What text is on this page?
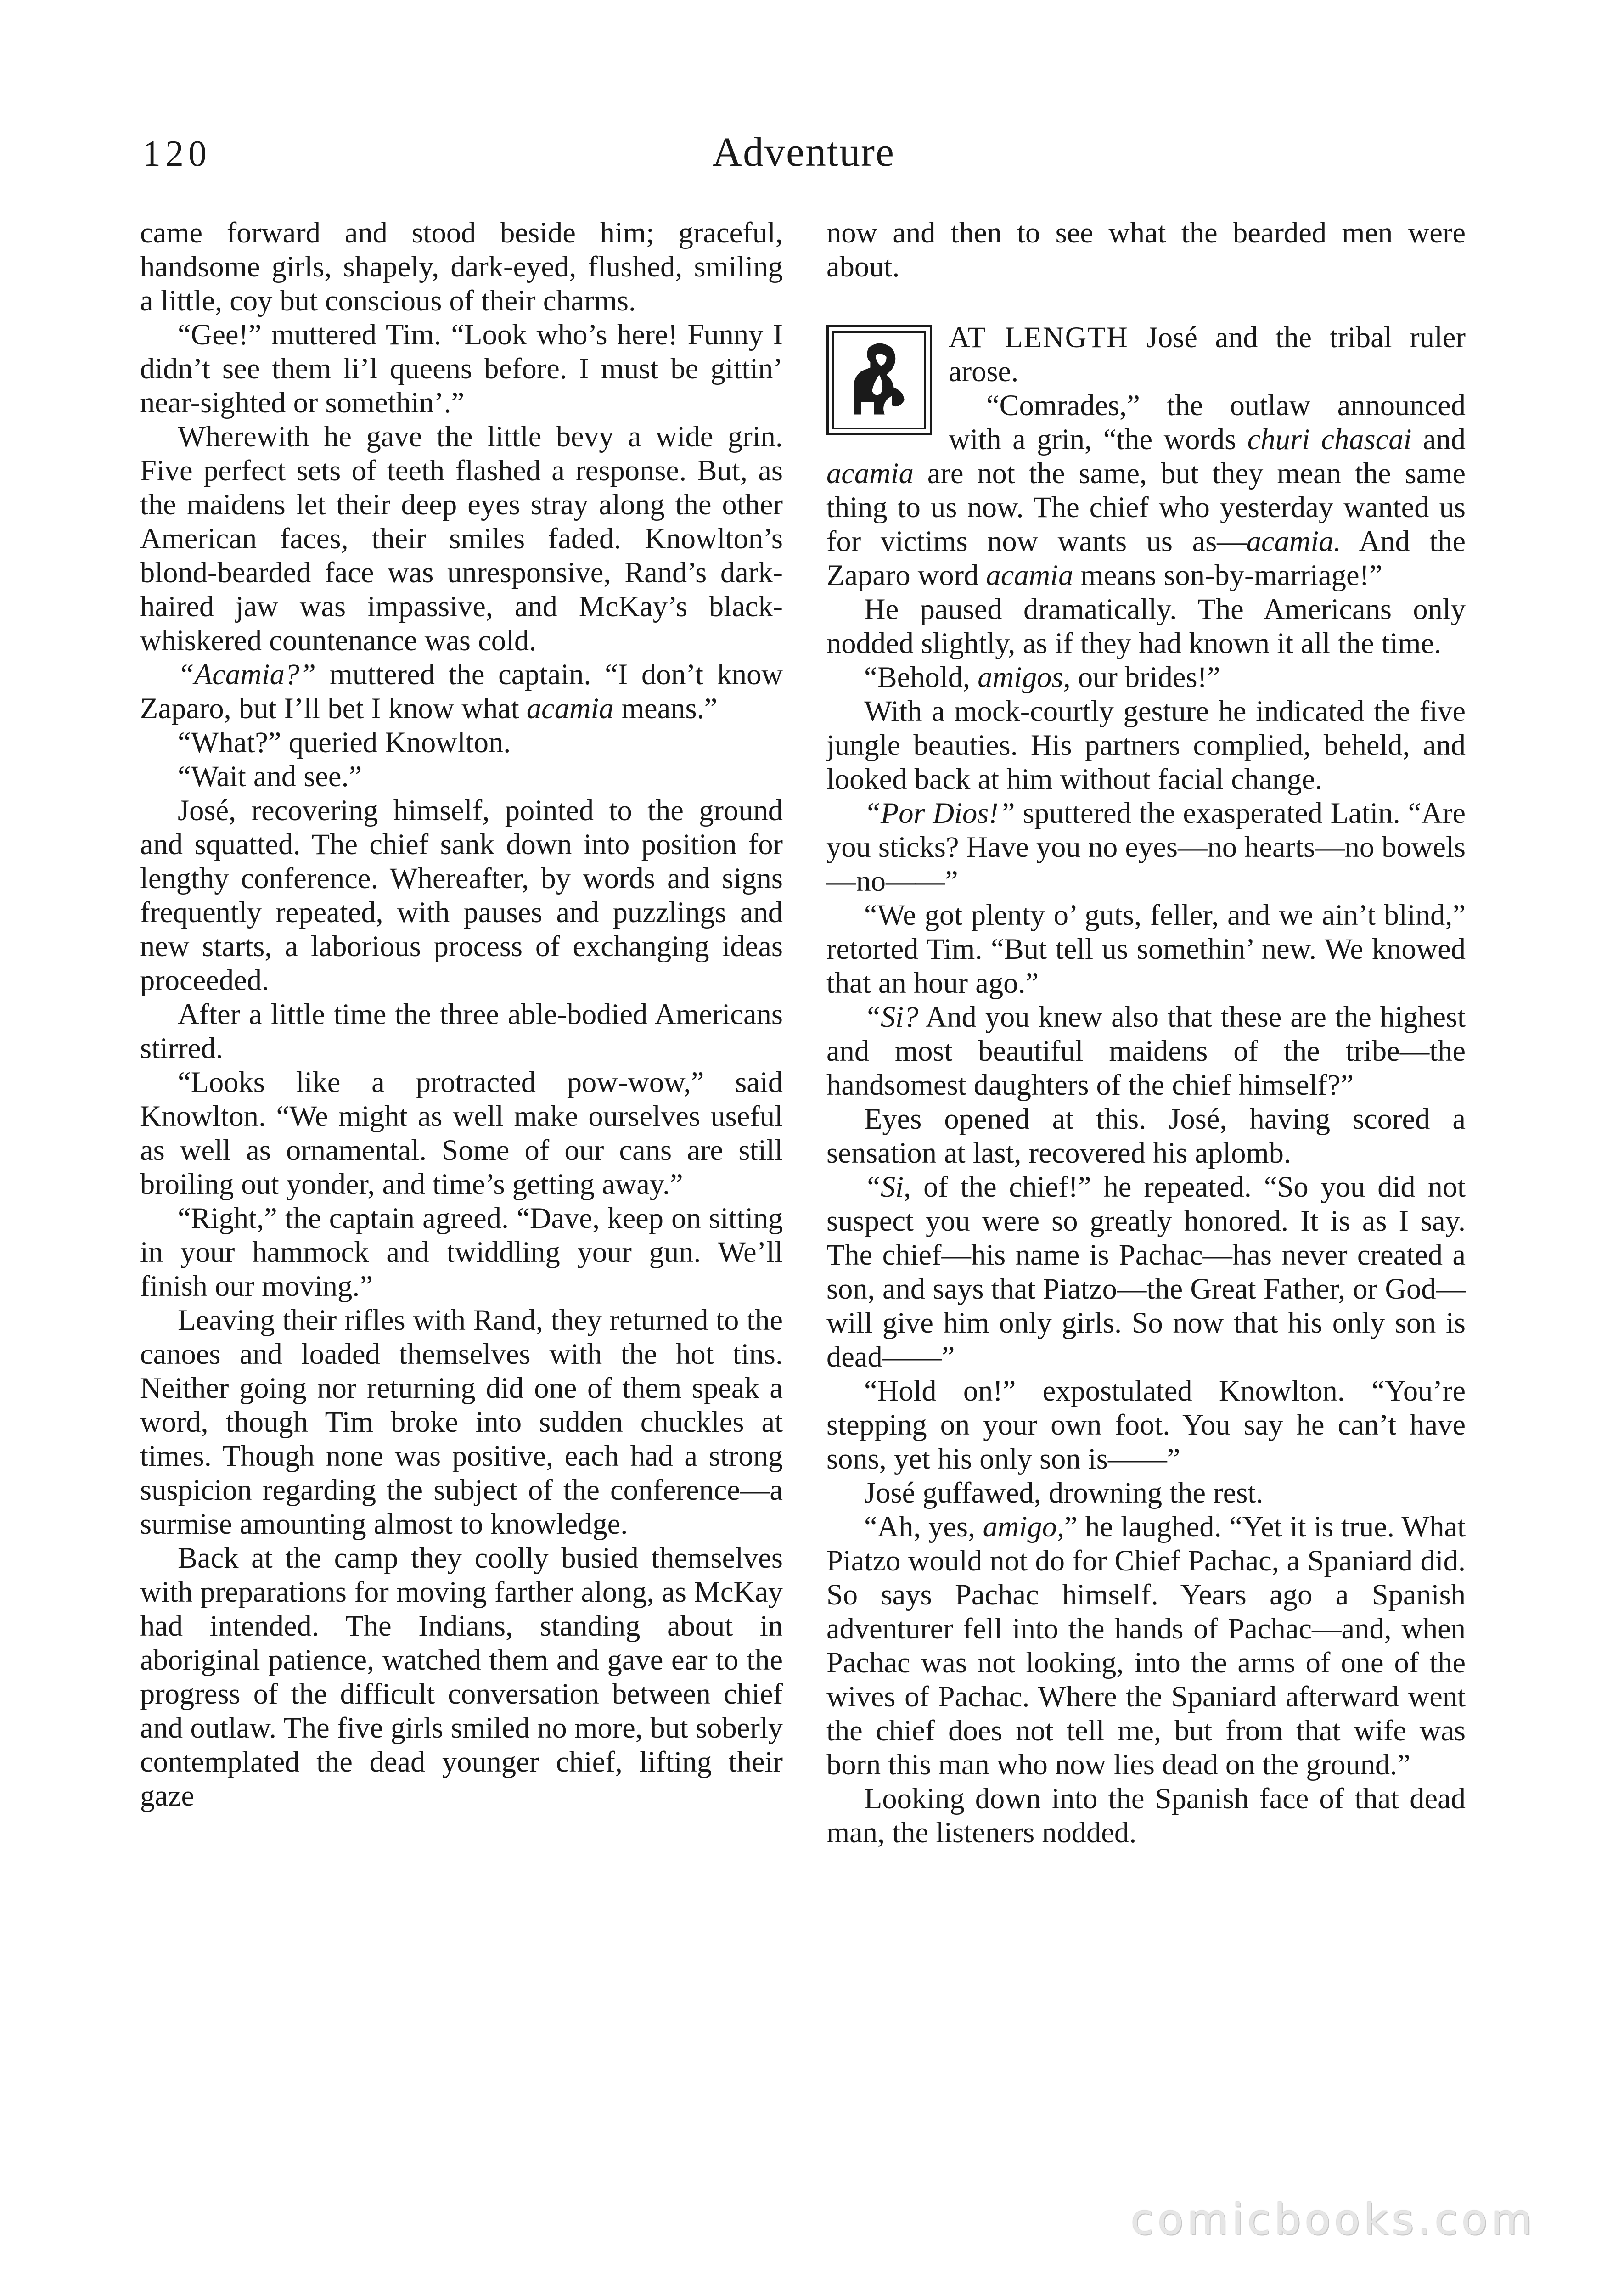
120	Adventure

came forward and stood beside him; graceful, handsome girls, shapely, dark-eyed, flushed, smiling a little, coy but conscious of their charms.

“Gee!” muttered Tim. “Look who’s here! Funny I didn’t see them li’l queens before. I must be gittin’ near-sighted or somethin’.”

Wherewith he gave the little bevy a wide grin. Five perfect sets of teeth flashed a response. But, as the maidens let their deep eyes stray along the other American faces, their smiles faded. Knowlton’s blond-bearded face was unresponsive, Rand’s dark-haired jaw was impassive, and McKay’s black-whiskered countenance was cold.

“Acamia?” muttered the captain. “I don’t know Zaparo, but I’ll bet I know what acamia means.”

“What?” queried Knowlton.

“Wait and see.”

José, recovering himself, pointed to the ground and squatted. The chief sank down into position for lengthy conference. Whereafter, by words and signs frequently repeated, with pauses and puzzlings and new starts, a laborious process of exchanging ideas proceeded.

After a little time the three able-bodied Americans stirred.

“Looks like a protracted pow-wow,” said Knowlton. “We might as well make ourselves useful as well as ornamental. Some of our cans are still broiling out yonder, and time’s getting away.”

“Right,” the captain agreed. “Dave, keep on sitting in your hammock and twiddling your gun. We’ll finish our moving.”

Leaving their rifles with Rand, they returned to the canoes and loaded themselves with the hot tins. Neither going nor returning did one of them speak a word, though Tim broke into sudden chuckles at times. Though none was positive, each had a strong suspicion regarding the subject of the conference—a surmise amounting almost to knowledge.

Back at the camp they coolly busied themselves with preparations for moving farther along, as McKay had intended. The Indians, standing about in aboriginal patience, watched them and gave ear to the progress of the difficult conversation between chief and outlaw. The five girls smiled no more, but soberly contemplated the dead younger chief, lifting their gaze

now and then to see what the bearded men were about.

AT LENGTH José and the tribal ruler arose.

“Comrades,” the outlaw announced with a grin, “the words churi chascai and acamia are not the same, but they mean the same thing to us now. The chief who yesterday wanted us for victims now wants us as—acamia. And the Zaparo word acamia means son-by-marriage!”

He paused dramatically. The Americans only nodded slightly, as if they had known it all the time.

“Behold, amigos, our brides!”

With a mock-courtly gesture he indicated the five jungle beauties. His partners complied, beheld, and looked back at him without facial change.

“Por Dios!” sputtered the exasperated Latin. “Are you sticks? Have you no eyes—no hearts—no bowels—no——”

“We got plenty o’ guts, feller, and we ain’t blind,” retorted Tim. “But tell us somethin’ new. We knowed that an hour ago.”

“Si? And you knew also that these are the highest and most beautiful maidens of the tribe—the handsomest daughters of the chief himself?”

Eyes opened at this. José, having scored a sensation at last, recovered his aplomb.

“Si, of the chief!” he repeated. “So you did not suspect you were so greatly honored. It is as I say. The chief—his name is Pachac—has never created a son, and says that Piatzo—the Great Father, or God—will give him only girls. So now that his only son is dead——”

“Hold on!” expostulated Knowlton. “You’re stepping on your own foot. You say he can’t have sons, yet his only son is——”

José guffawed, drowning the rest.

“Ah, yes, amigo,” he laughed. “Yet it is true. What Piatzo would not do for Chief Pachac, a Spaniard did. So says Pachac himself. Years ago a Spanish adventurer fell into the hands of Pachac—and, when Pachac was not looking, into the arms of one of the wives of Pachac. Where the Spaniard afterward went the chief does not tell me, but from that wife was born this man who now lies dead on the ground.”

Looking down into the Spanish face of that dead man, the listeners nodded.

comicbooks.com
